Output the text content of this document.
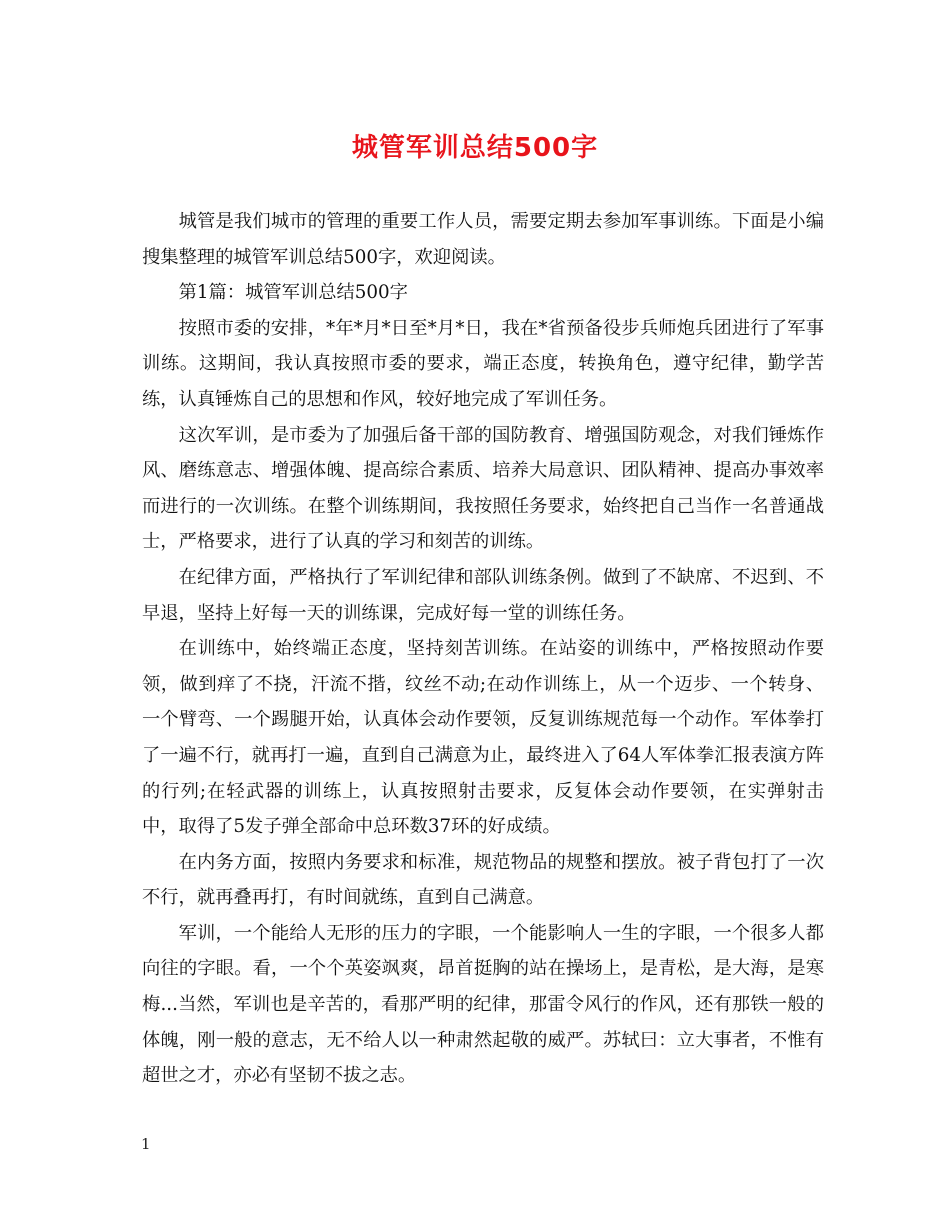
城管军训总结500字

城管是我们城市的管理的重要工作人员，需要定期去参加军事训练。下面是小编搜集整理的城管军训总结500字，欢迎阅读。

第1篇：城管军训总结500字

按照市委的安排，*年*月*日至*月*日，我在*省预备役步兵师炮兵团进行了军事训练。这期间，我认真按照市委的要求，端正态度，转换角色，遵守纪律，勤学苦练，认真锤炼自己的思想和作风，较好地完成了军训任务。

这次军训，是市委为了加强后备干部的国防教育、增强国防观念，对我们锤炼作风、磨练意志、增强体魄、提高综合素质、培养大局意识、团队精神、提高办事效率而进行的一次训练。在整个训练期间，我按照任务要求，始终把自己当作一名普通战士，严格要求，进行了认真的学习和刻苦的训练。

在纪律方面，严格执行了军训纪律和部队训练条例。做到了不缺席、不迟到、不早退，坚持上好每一天的训练课，完成好每一堂的训练任务。

在训练中，始终端正态度，坚持刻苦训练。在站姿的训练中，严格按照动作要领，做到痒了不挠，汗流不揩，纹丝不动;在动作训练上，从一个迈步、一个转身、一个臂弯、一个踢腿开始，认真体会动作要领，反复训练规范每一个动作。军体拳打了一遍不行，就再打一遍，直到自己满意为止，最终进入了64人军体拳汇报表演方阵的行列;在轻武器的训练上，认真按照射击要求，反复体会动作要领，在实弹射击中，取得了5发子弹全部命中总环数37环的好成绩。

在内务方面，按照内务要求和标准，规范物品的规整和摆放。被子背包打了一次不行，就再叠再打，有时间就练，直到自己满意。

军训，一个能给人无形的压力的字眼，一个能影响人一生的字眼，一个很多人都向往的字眼。看，一个个英姿飒爽，昂首挺胸的站在操场上，是青松，是大海，是寒梅...当然，军训也是辛苦的，看那严明的纪律，那雷令风行的作风，还有那铁一般的体魄，刚一般的意志，无不给人以一种肃然起敬的威严。苏轼曰：立大事者，不惟有超世之才，亦必有坚韧不拔之志。

1
